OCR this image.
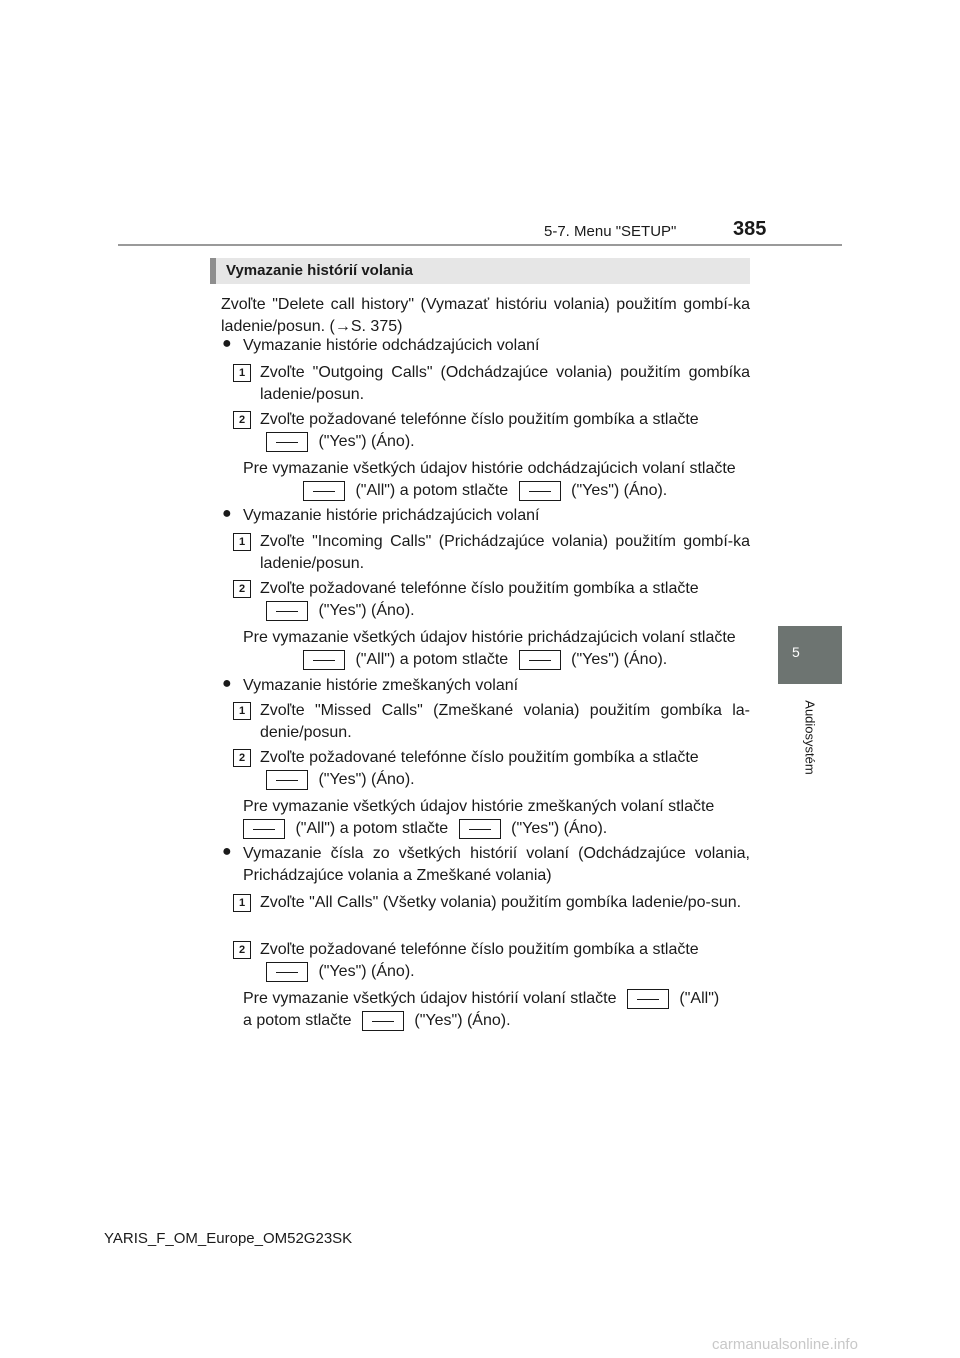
5-7. Menu "SETUP"	385
5
Audiosystém
Vymazanie histórií volania
Zvoľte "Delete call history" (Vymazať históriu volania) použitím gombí-ka ladenie/posun. (→S. 375)
● Vymazanie histórie odchádzajúcich volaní
1 Zvoľte "Outgoing Calls" (Odchádzajúce volania) použitím gombíka ladenie/posun.
2 Zvoľte požadované telefónne číslo použitím gombíka a stlačte
("Yes") (Áno).
Pre vymazanie všetkých údajov histórie odchádzajúcich volaní stlačte
("All") a potom stlačte	("Yes") (Áno).
● Vymazanie histórie prichádzajúcich volaní
1 Zvoľte "Incoming Calls" (Prichádzajúce volania) použitím gombí-ka ladenie/posun.
2 Zvoľte požadované telefónne číslo použitím gombíka a stlačte
("Yes") (Áno).
Pre vymazanie všetkých údajov histórie prichádzajúcich volaní stlačte
("All") a potom stlačte	("Yes") (Áno).
● Vymazanie histórie zmeškaných volaní
1 Zvoľte "Missed Calls" (Zmeškané volania) použitím gombíka la-denie/posun.
2 Zvoľte požadované telefónne číslo použitím gombíka a stlačte
("Yes") (Áno).
Pre vymazanie všetkých údajov histórie zmeškaných volaní stlačte
("All") a potom stlačte	("Yes") (Áno).
● Vymazanie čísla zo všetkých histórií volaní (Odchádzajúce volania, Prichádzajúce volania a Zmeškané volania)
1 Zvoľte "All Calls" (Všetky volania) použitím gombíka ladenie/po-sun.
2 Zvoľte požadované telefónne číslo použitím gombíka a stlačte
("Yes") (Áno).
Pre vymazanie všetkých údajov histórií volaní stlačte	("All")
a potom stlačte	("Yes") (Áno).
YARIS_F_OM_Europe_OM52G23SK
carmanualsonline.info
